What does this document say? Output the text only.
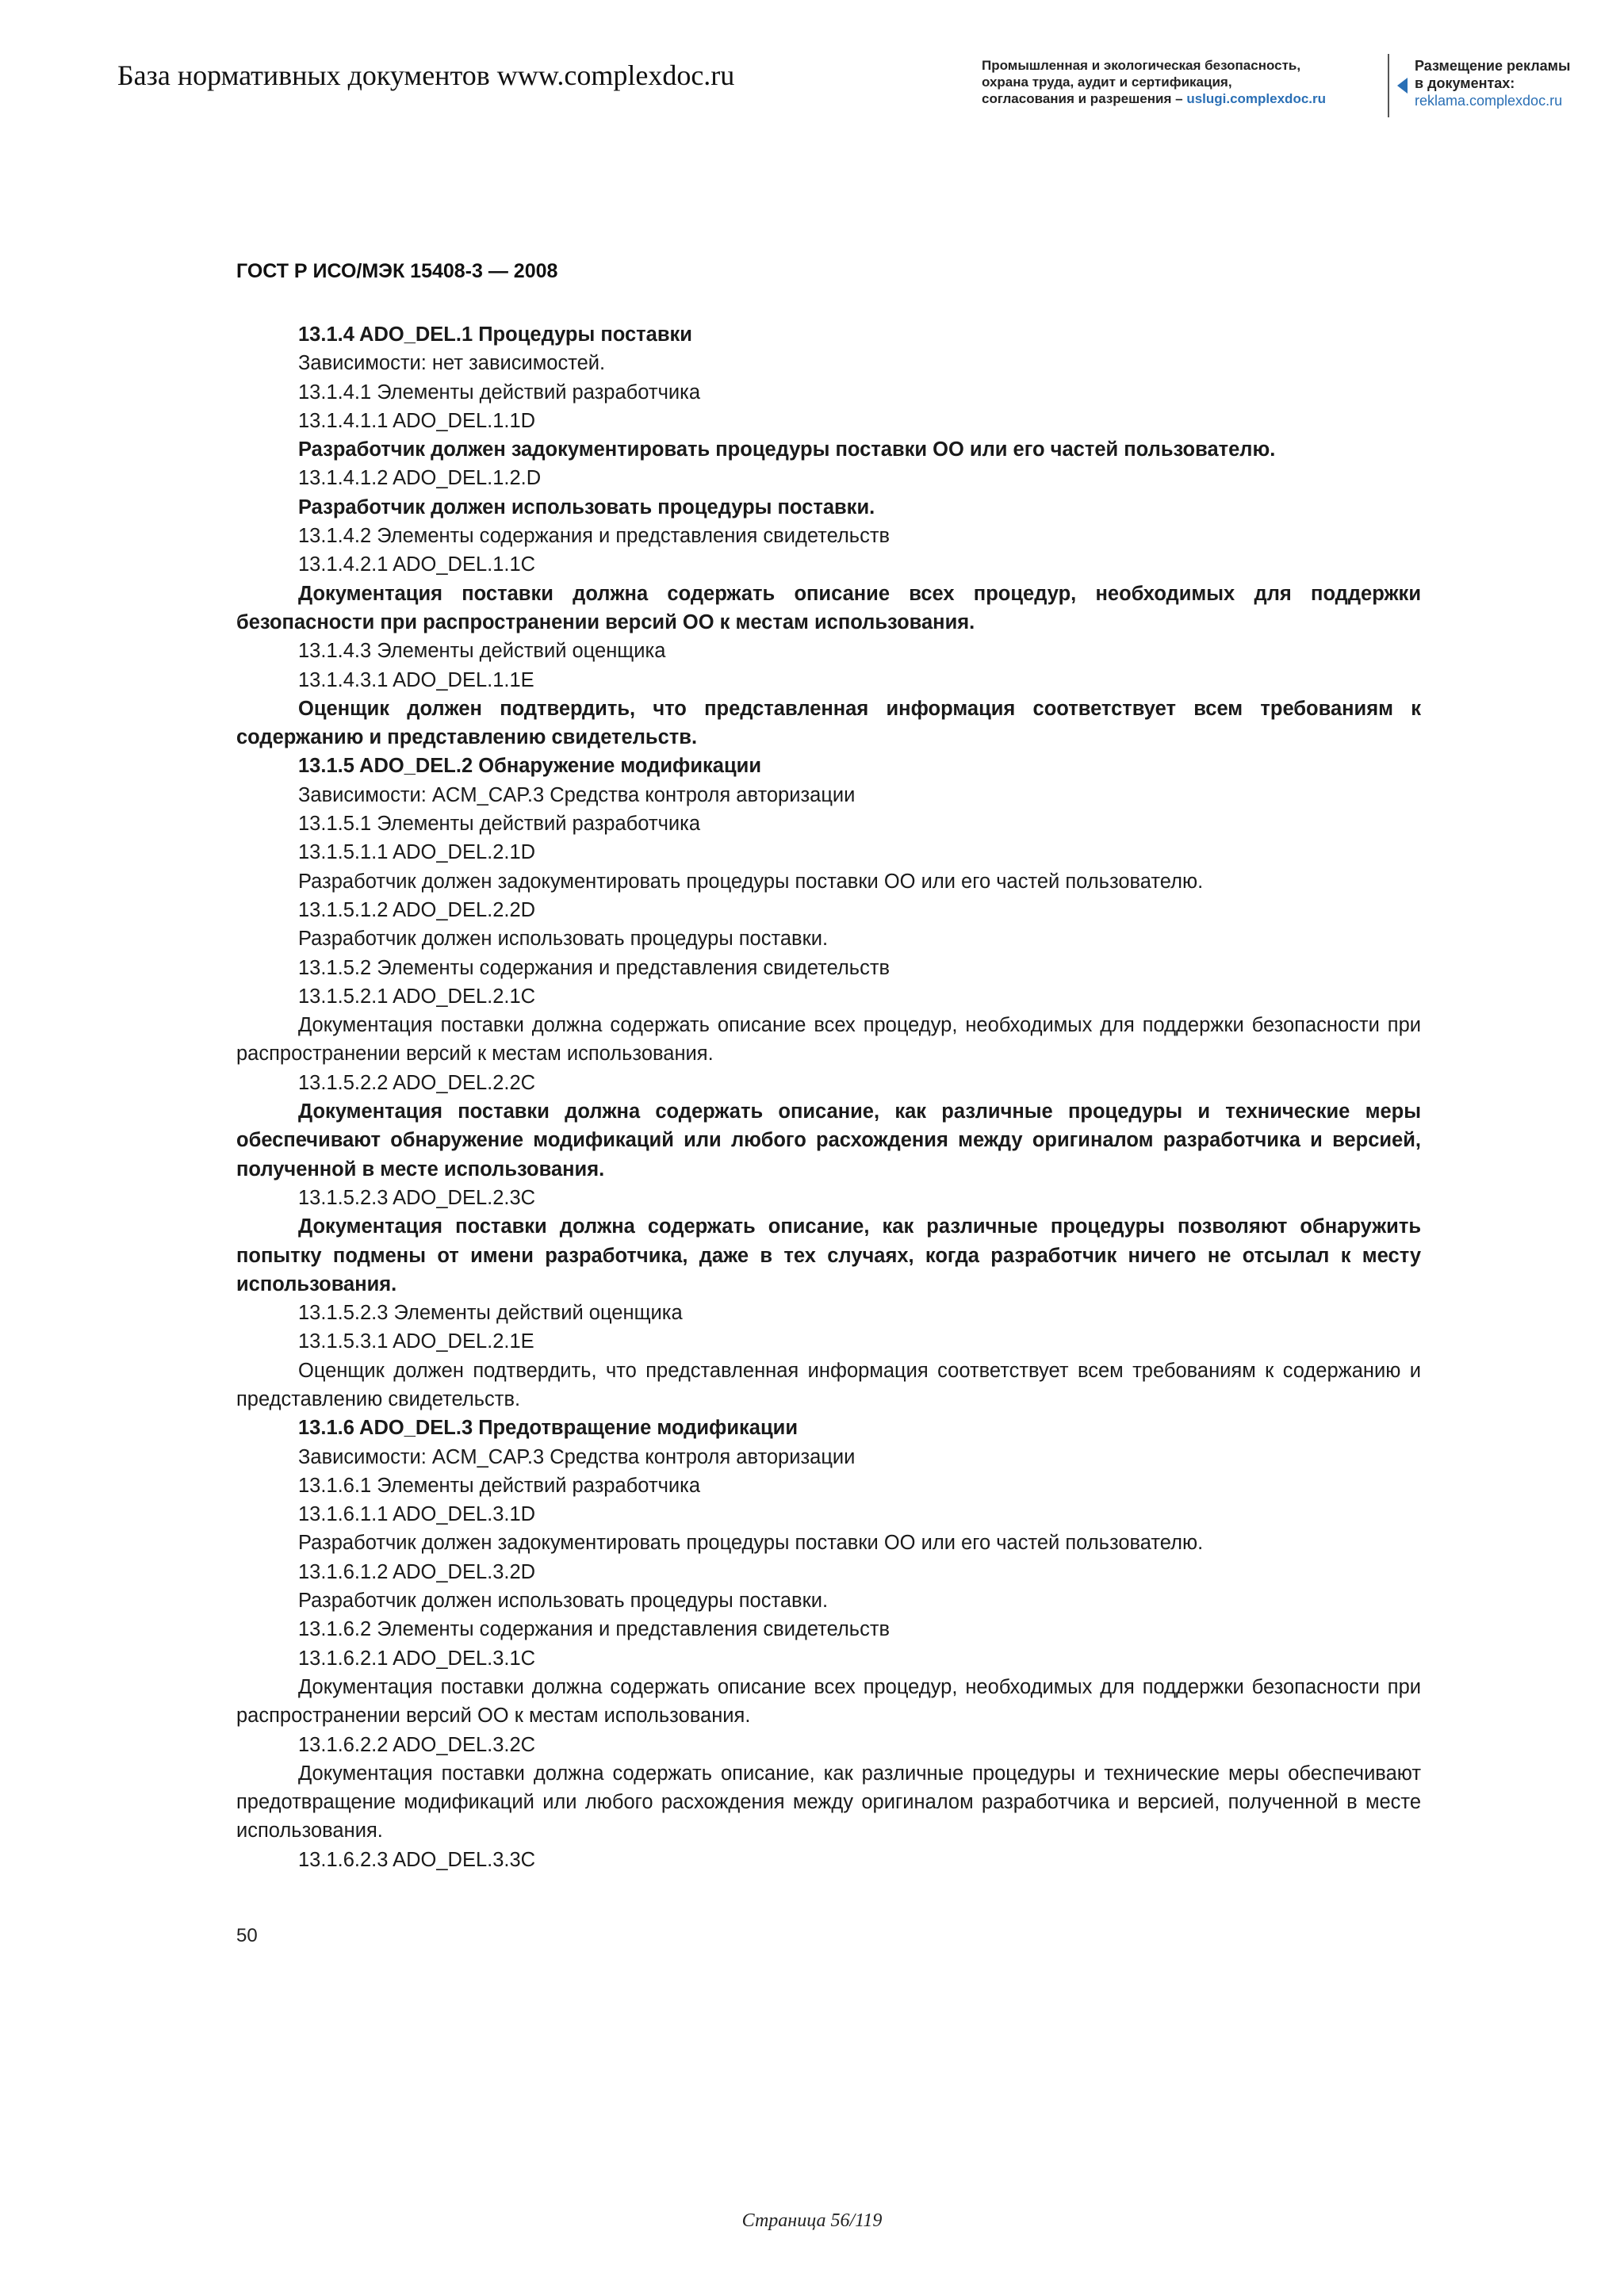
База нормативных документов www.complexdoc.ru	Промышленная и экологическая безопасность,
охрана труда, аудит и сертификация,
согласования и разрешения – uslugi.complexdoc.ru
Размещение рекламы
в документах:
reklama.complexdoc.ru
ГОСТ Р ИСО/МЭК 15408-3 — 2008

13.1.4 ADO_DEL.1 Процедуры поставки

Зависимости: нет зависимостей.

13.1.4.1 Элементы действий разработчика

13.1.4.1.1 ADO_DEL.1.1D

Разработчик должен задокументировать процедуры поставки ОО или его частей пользователю.

13.1.4.1.2 ADO_DEL.1.2.D

Разработчик должен использовать процедуры поставки.

13.1.4.2 Элементы содержания и представления свидетельств

13.1.4.2.1 ADO_DEL.1.1C

Документация поставки должна содержать описание всех процедур, необходимых для поддержки безопасности при распространении версий ОО к местам использования.

13.1.4.3 Элементы действий оценщика

13.1.4.3.1 ADO_DEL.1.1E

Оценщик должен подтвердить, что представленная информация соответствует всем требованиям к содержанию и представлению свидетельств.

13.1.5 ADO_DEL.2 Обнаружение модификации

Зависимости: ACM_CAP.3 Средства контроля авторизации

13.1.5.1 Элементы действий разработчика

13.1.5.1.1 ADO_DEL.2.1D

Разработчик должен задокументировать процедуры поставки ОО или его частей пользователю.

13.1.5.1.2 ADO_DEL.2.2D

Разработчик должен использовать процедуры поставки.

13.1.5.2 Элементы содержания и представления свидетельств

13.1.5.2.1 ADO_DEL.2.1C

Документация поставки должна содержать описание всех процедур, необходимых для поддержки безопасности при распространении версий к местам использования.

13.1.5.2.2 ADO_DEL.2.2C

Документация поставки должна содержать описание, как различные процедуры и технические меры обеспечивают обнаружение модификаций или любого расхождения между оригиналом разработчика и версией, полученной в месте использования.

13.1.5.2.3 ADO_DEL.2.3C

Документация поставки должна содержать описание, как различные процедуры позволяют обнаружить попытку подмены от имени разработчика, даже в тех случаях, когда разработчик ничего не отсылал к месту использования.

13.1.5.2.3 Элементы действий оценщика

13.1.5.3.1 ADO_DEL.2.1E

Оценщик должен подтвердить, что представленная информация соответствует всем требованиям к содержанию и представлению свидетельств.

13.1.6 ADO_DEL.3 Предотвращение модификации

Зависимости: ACM_CAP.3 Средства контроля авторизации

13.1.6.1 Элементы действий разработчика

13.1.6.1.1 ADO_DEL.3.1D

Разработчик должен задокументировать процедуры поставки ОО или его частей пользователю.

13.1.6.1.2 ADO_DEL.3.2D

Разработчик должен использовать процедуры поставки.

13.1.6.2 Элементы содержания и представления свидетельств

13.1.6.2.1 ADO_DEL.3.1C

Документация поставки должна содержать описание всех процедур, необходимых для поддержки безопасности при распространении версий ОО к местам использования.

13.1.6.2.2 ADO_DEL.3.2C

Документация поставки должна содержать описание, как различные процедуры и технические меры обеспечивают предотвращение модификаций или любого расхождения между оригиналом разработчика и версией, полученной в месте использования.

13.1.6.2.3 ADO_DEL.3.3C

50
Страница 56/119
